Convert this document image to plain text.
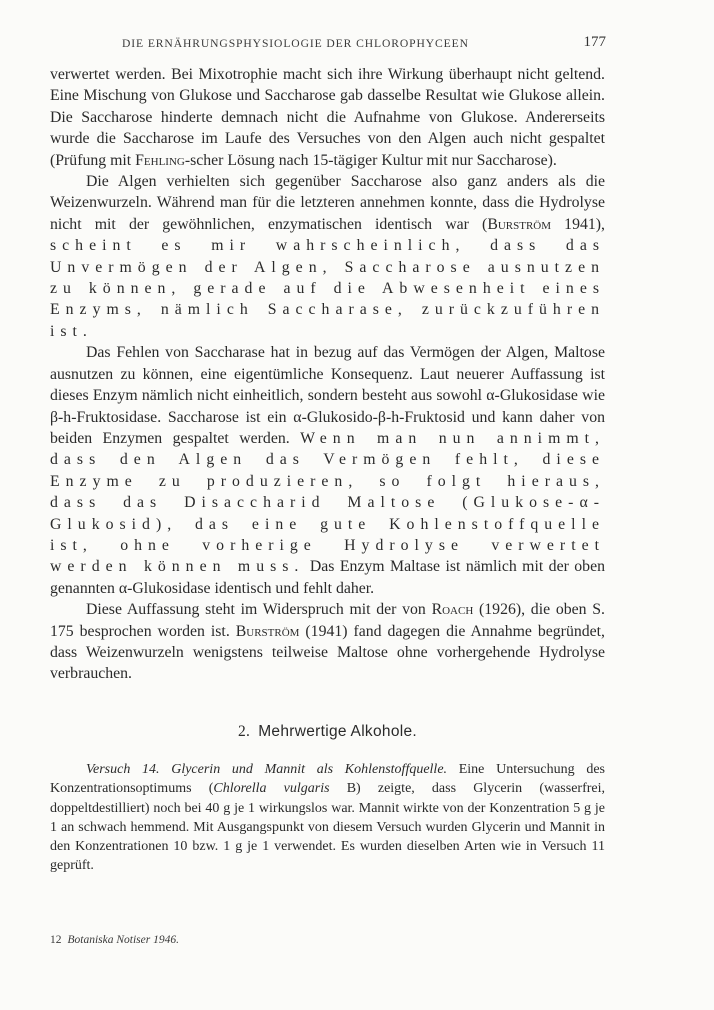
DIE ERNÄHRUNGSPHYSIOLOGIE DER CHLOROPHYCEEN	177

verwertet werden. Bei Mixotrophie macht sich ihre Wirkung überhaupt nicht geltend. Eine Mischung von Glukose und Saccharose gab dasselbe Resultat wie Glukose allein. Die Saccharose hinderte demnach nicht die Aufnahme von Glukose. Andererseits wurde die Saccharose im Laufe des Versuches von den Algen auch nicht gespaltet (Prüfung mit Fehling-scher Lösung nach 15-tägiger Kultur mit nur Saccharose).

Die Algen verhielten sich gegenüber Saccharose also ganz anders als die Weizenwurzeln. Während man für die letzteren annehmen konnte, dass die Hydrolyse nicht mit der gewöhnlichen, enzymatischen identisch war (Burström 1941), scheint es mir wahrscheinlich, dass das Unvermögen der Algen, Saccharose ausnutzen zu können, gerade auf die Abwesenheit eines Enzyms, nämlich Saccharase, zurückzuführen ist.

Das Fehlen von Saccharase hat in bezug auf das Vermögen der Algen, Maltose ausnutzen zu können, eine eigentümliche Konsequenz. Laut neuerer Auffassung ist dieses Enzym nämlich nicht einheitlich, sondern besteht aus sowohl α-Glukosidase wie β-h-Fruktosidase. Saccharose ist ein α-Glukosido-β-h-Fruktosid und kann daher von beiden Enzymen gespaltet werden. Wenn man nun annimmt, dass den Algen das Vermögen fehlt, diese Enzyme zu produzieren, so folgt hieraus, dass das Disaccharid Maltose (Glukose-α-Glukosid), das eine gute Kohlenstoffquelle ist, ohne vorherige Hydrolyse verwertet werden können muss. Das Enzym Maltase ist nämlich mit der oben genannten α-Glukosidase identisch und fehlt daher.

Diese Auffassung steht im Widerspruch mit der von Roach (1926), die oben S. 175 besprochen worden ist. Burström (1941) fand dagegen die Annahme begründet, dass Weizenwurzeln wenigstens teilweise Maltose ohne vorhergehende Hydrolyse verbrauchen.

2. Mehrwertige Alkohole.

Versuch 14. Glycerin und Mannit als Kohlenstoffquelle. Eine Untersuchung des Konzentrationsoptimums (Chlorella vulgaris B) zeigte, dass Glycerin (wasserfrei, doppeltdestilliert) noch bei 40 g je 1 wirkungslos war. Mannit wirkte von der Konzentration 5 g je 1 an schwach hemmend. Mit Ausgangspunkt von diesem Versuch wurden Glycerin und Mannit in den Konzentrationen 10 bzw. 1 g je 1 verwendet. Es wurden dieselben Arten wie in Versuch 11 geprüft.

12 Botaniska Notiser 1946.
